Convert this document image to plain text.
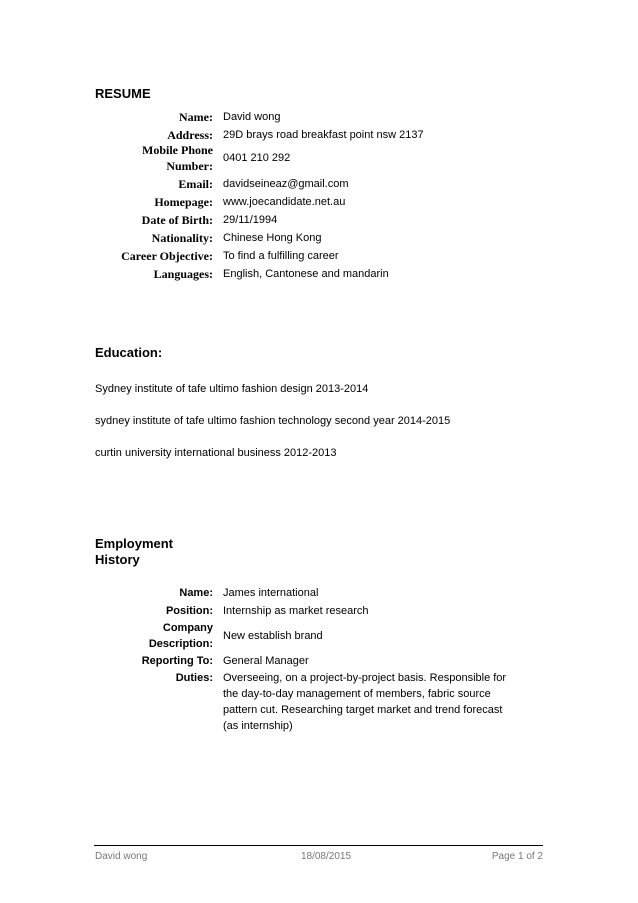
RESUME
Name: David wong
Address: 29D brays road breakfast point nsw 2137
Mobile Phone
Number:
0401 210 292
Email: davidseineaz@gmail.com
Homepage: www.joecandidate.net.au
Date of Birth: 29/11/1994
Nationality: Chinese Hong Kong
Career Objective: To find a fulfilling career
Languages: English, Cantonese and mandarin
Education:
Sydney institute of tafe ultimo fashion design 2013-2014
sydney institute of tafe ultimo fashion technology second year 2014-2015
curtin university international business 2012-2013
Employment
History
Name: James international
Position: Internship as market research
Company
Description:
New establish brand
Reporting To: General Manager
Duties: Overseeing, on a project-by-project basis. Responsible for
the day-to-day management of members, fabric source
pattern cut. Researching target market and trend forecast
(as internship)
David wong	18/08/2015	Page 1 of 2
